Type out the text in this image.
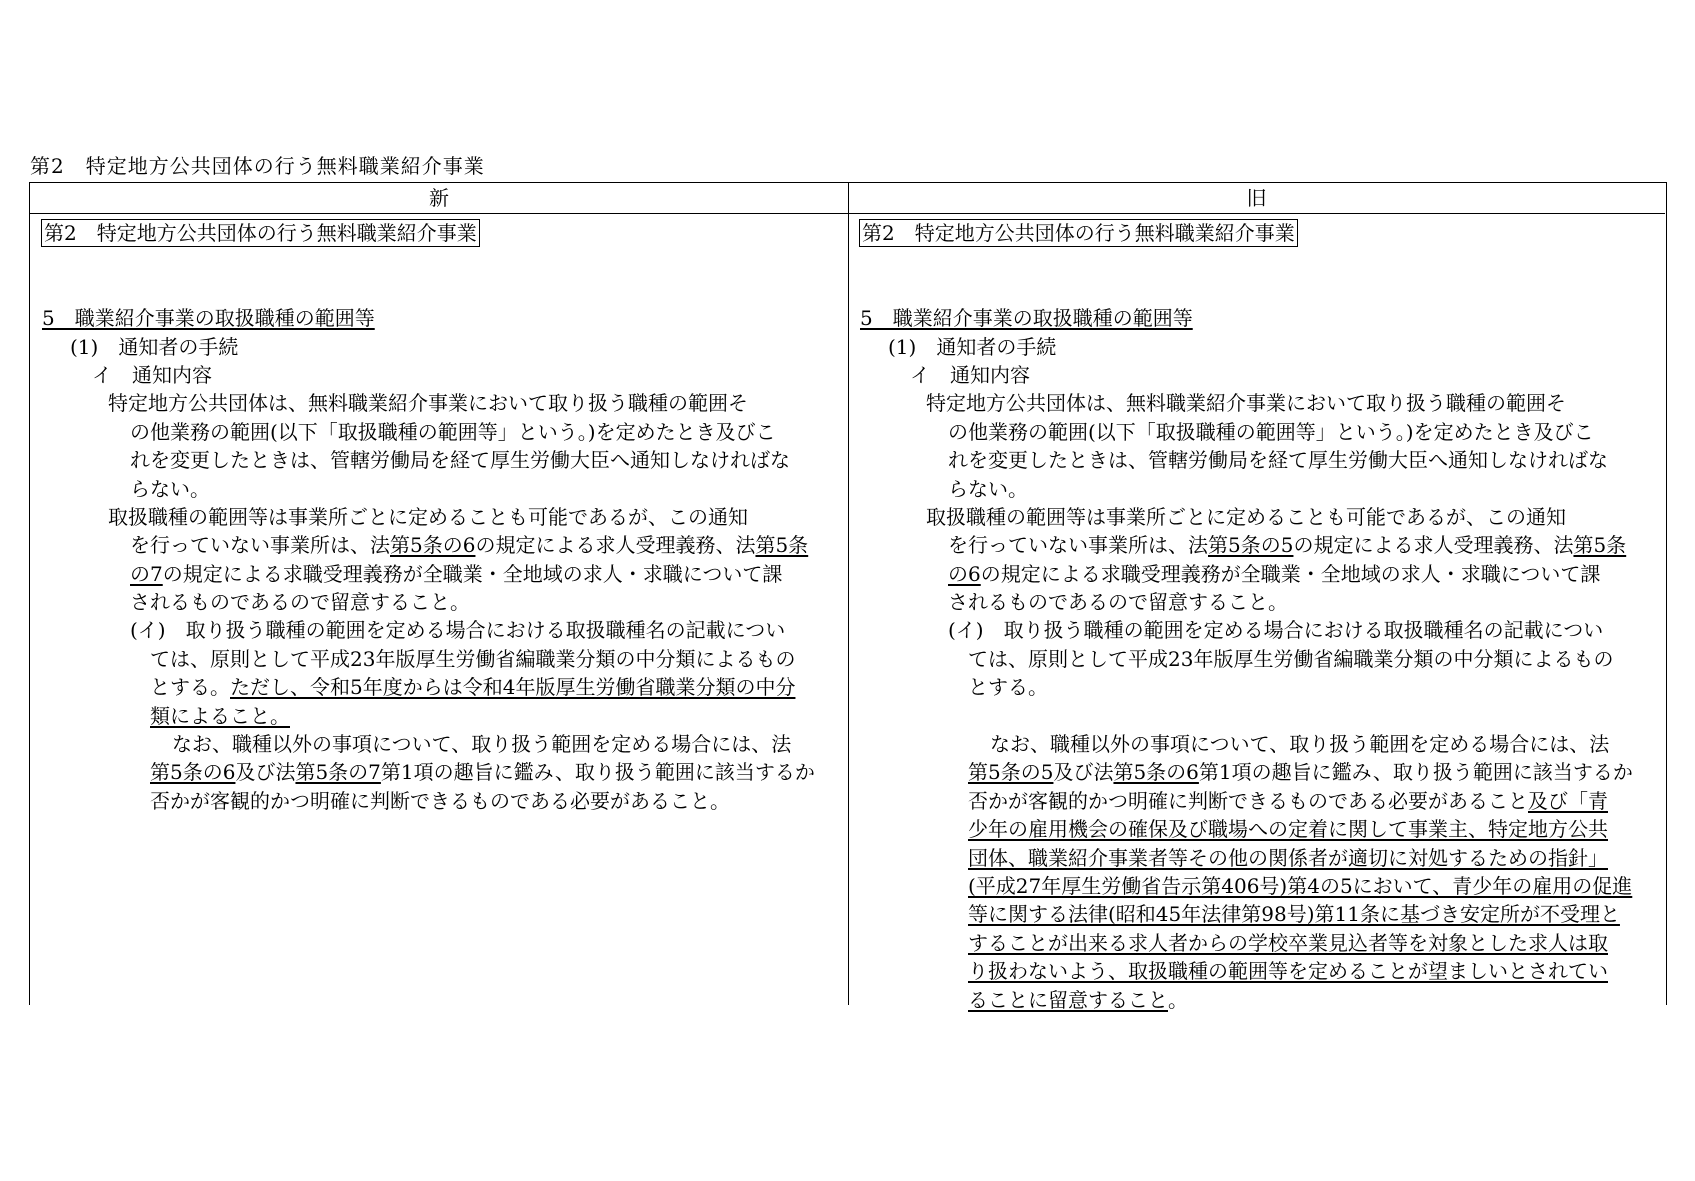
第2　特定地方公共団体の行う無料職業紹介事業
新	旧
第2　特定地方公共団体の行う無料職業紹介事業
5　職業紹介事業の取扱職種の範囲等
(1)　通知者の手続
イ　通知内容
特定地方公共団体は、無料職業紹介事業において取り扱う職種の範囲そ
の他業務の範囲(以下「取扱職種の範囲等」という。)を定めたとき及びこ
れを変更したときは、管轄労働局を経て厚生労働大臣へ通知しなければな
らない。
取扱職種の範囲等は事業所ごとに定めることも可能であるが、この通知
を行っていない事業所は、法第5条の6の規定による求人受理義務、法第5条
の7の規定による求職受理義務が全職業・全地域の求人・求職について課
されるものであるので留意すること。
(イ)　取り扱う職種の範囲を定める場合における取扱職種名の記載につい
ては、原則として平成23年版厚生労働省編職業分類の中分類によるもの
とする。ただし、令和5年度からは令和4年版厚生労働省職業分類の中分
類によること。
なお、職種以外の事項について、取り扱う範囲を定める場合には、法
第5条の6及び法第5条の7第1項の趣旨に鑑み、取り扱う範囲に該当するか
否かが客観的かつ明確に判断できるものである必要があること。
第2　特定地方公共団体の行う無料職業紹介事業
5　職業紹介事業の取扱職種の範囲等
(1)　通知者の手続
イ　通知内容
特定地方公共団体は、無料職業紹介事業において取り扱う職種の範囲そ
の他業務の範囲(以下「取扱職種の範囲等」という。)を定めたとき及びこ
れを変更したときは、管轄労働局を経て厚生労働大臣へ通知しなければな
らない。
取扱職種の範囲等は事業所ごとに定めることも可能であるが、この通知
を行っていない事業所は、法第5条の5の規定による求人受理義務、法第5条
の6の規定による求職受理義務が全職業・全地域の求人・求職について課
されるものであるので留意すること。
(イ)　取り扱う職種の範囲を定める場合における取扱職種名の記載につい
ては、原則として平成23年版厚生労働省編職業分類の中分類によるもの
とする。
なお、職種以外の事項について、取り扱う範囲を定める場合には、法
第5条の5及び法第5条の6第1項の趣旨に鑑み、取り扱う範囲に該当するか
否かが客観的かつ明確に判断できるものである必要があること及び「青
少年の雇用機会の確保及び職場への定着に関して事業主、特定地方公共
団体、職業紹介事業者等その他の関係者が適切に対処するための指針」
(平成27年厚生労働省告示第406号)第4の5において、青少年の雇用の促進
等に関する法律(昭和45年法律第98号)第11条に基づき安定所が不受理と
することが出来る求人者からの学校卒業見込者等を対象とした求人は取
り扱わないよう、取扱職種の範囲等を定めることが望ましいとされてい
ることに留意すること。
